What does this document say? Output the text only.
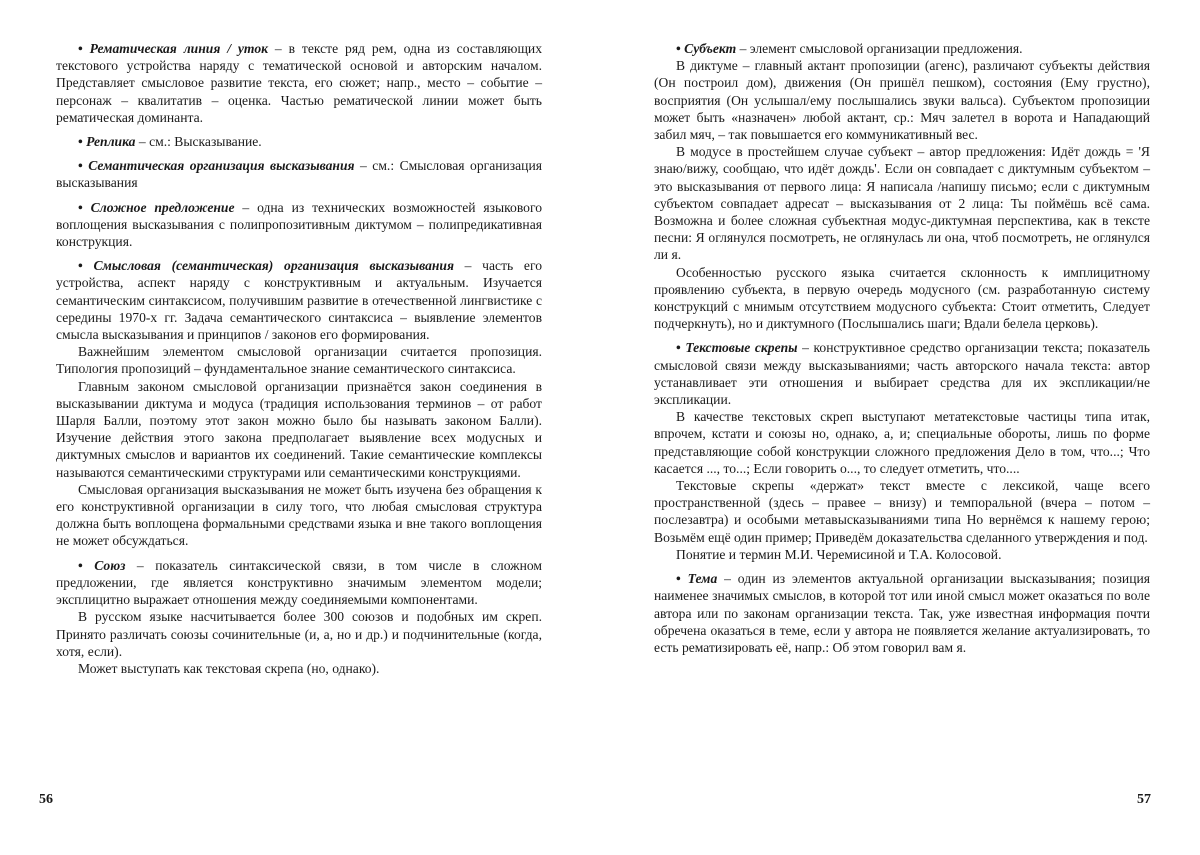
• Рематическая линия / уток – в тексте ряд рем, одна из составляющих текстового устройства наряду с тематической основой и авторским началом. Представляет смысловое развитие текста, его сюжет; напр., место – событие – персонаж – квалитатив – оценка. Частью рематической линии может быть рематическая доминанта.

• Реплика – см.: Высказывание.

• Семантическая организация высказывания – см.: Смысловая организация высказывания

• Сложное предложение – одна из технических возможностей языкового воплощения высказывания с полипропозитивным диктумом – полипредикативная конструкция.

• Смысловая (семантическая) организация высказывания – часть его устройства, аспект наряду с конструктивным и актуальным. Изучается семантическим синтаксисом, получившим развитие в отечественной лингвистике с середины 1970-х гг. Задача семантического синтаксиса – выявление элементов смысла высказывания и принципов / законов его формирования.

Важнейшим элементом смысловой организации считается пропозиция. Типология пропозиций – фундаментальное знание семантического синтаксиса.

Главным законом смысловой организации признаётся закон соединения в высказывании диктума и модуса (традиция использования терминов – от работ Шарля Балли, поэтому этот закон можно было бы называть законом Балли). Изучение действия этого закона предполагает выявление всех модусных и диктумных смыслов и вариантов их соединений. Такие семантические комплексы называются семантическими структурами или семантическими конструкциями.

Смысловая организация высказывания не может быть изучена без обращения к его конструктивной организации в силу того, что любая смысловая структура должна быть воплощена формальными средствами языка и вне такого воплощения не может обсуждаться.

• Союз – показатель синтаксической связи, в том числе в сложном предложении, где является конструктивно значимым элементом модели; эксплицитно выражает отношения между соединяемыми компонентами.

В русском языке насчитывается более 300 союзов и подобных им скреп. Принято различать союзы сочинительные (и, а, но и др.) и подчинительные (когда, хотя, если).

Может выступать как текстовая скрепа (но, однако).

56

• Субъект – элемент смысловой организации предложения.

В диктуме – главный актант пропозиции (агенс), различают субъекты действия (Он построил дом), движения (Он пришёл пешком), состояния (Ему грустно), восприятия (Он услышал/ему послышались звуки вальса). Субъектом пропозиции может быть «назначен» любой актант, ср.: Мяч залетел в ворота и Нападающий забил мяч, – так повышается его коммуникативный вес.

В модусе в простейшем случае субъект – автор предложения: Идёт дождь = 'Я знаю/вижу, сообщаю, что идёт дождь'. Если он совпадает с диктумным субъектом – это высказывания от первого лица: Я написала /напишу письмо; если с диктумным субъектом совпадает адресат – высказывания от 2 лица: Ты поймёшь всё сама. Возможна и более сложная субъектная модус-диктумная перспектива, как в тексте песни: Я оглянулся посмотреть, не оглянулась ли она, чтоб посмотреть, не оглянулся ли я.

Особенностью русского языка считается склонность к имплицитному проявлению субъекта, в первую очередь модусного (см. разработанную систему конструкций с мнимым отсутствием модусного субъекта: Стоит отметить, Следует подчеркнуть), но и диктумного (Послышались шаги; Вдали белела церковь).

• Текстовые скрепы – конструктивное средство организации текста; показатель смысловой связи между высказываниями; часть авторского начала текста: автор устанавливает эти отношения и выбирает средства для их экспликации/не экспликации.

В качестве текстовых скреп выступают метатекстовые частицы типа итак, впрочем, кстати и союзы но, однако, а, и; специальные обороты, лишь по форме представляющие собой конструкции сложного предложения Дело в том, что...; Что касается ..., то...; Если говорить о..., то следует отметить, что....

Текстовые скрепы «держат» текст вместе с лексикой, чаще всего пространственной (здесь – правее – внизу) и темпоральной (вчера – потом – послезавтра) и особыми метавысказываниями типа Но вернёмся к нашему герою; Возьмём ещё один пример; Приведём доказательства сделанного утверждения и под.

Понятие и термин М.И. Черемисиной и Т.А. Колосовой.

• Тема – один из элементов актуальной организации высказывания; позиция наименее значимых смыслов, в которой тот или иной смысл может оказаться по воле автора или по законам организации текста. Так, уже известная информация почти обречена оказаться в теме, если у автора не появляется желание актуализировать, то есть рематизировать её, напр.: Об этом говорил вам я.

57
